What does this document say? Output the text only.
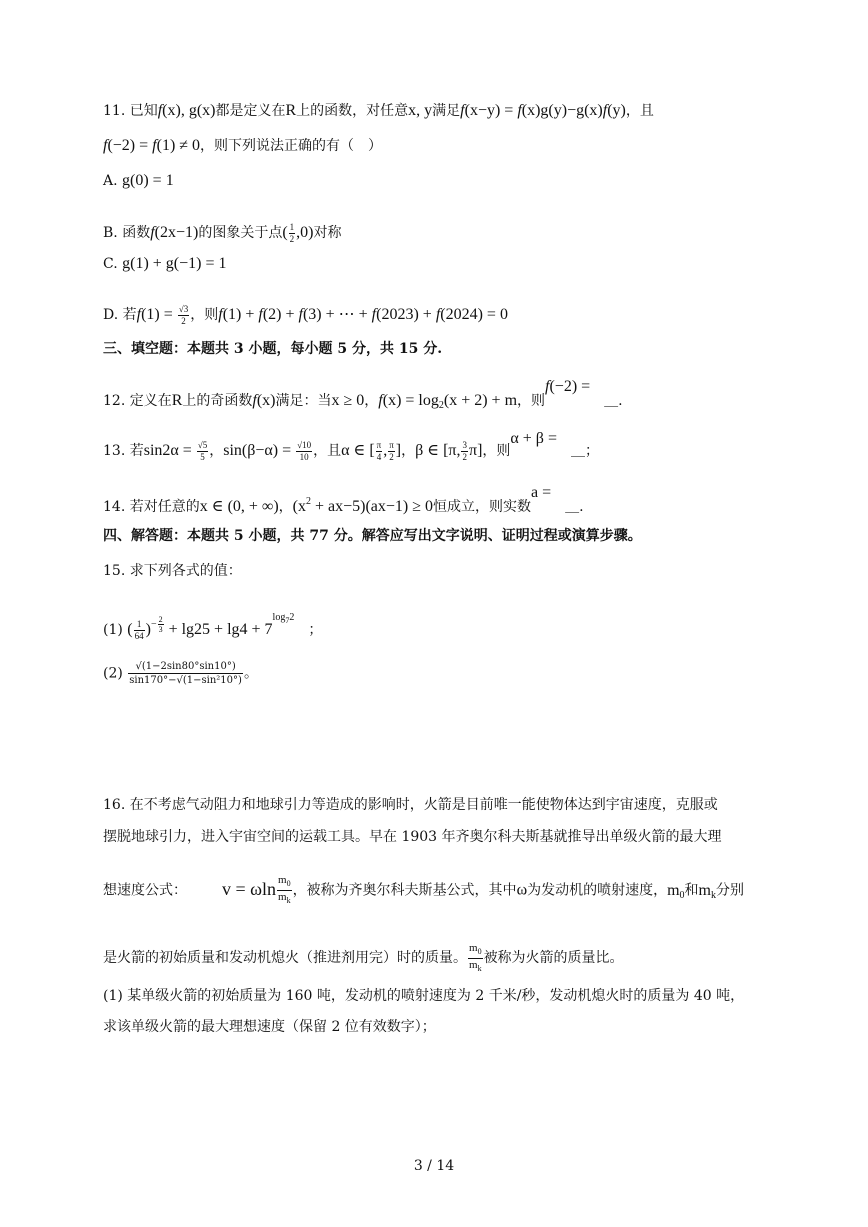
11. 已知f(x), g(x)都是定义在R上的函数，对任意x, y满足f(x−y) = f(x)g(y)−g(x)f(y)，且
f(−2) = f(1) ≠ 0，则下列说法正确的有（　）
A. g(0) = 1
B. 函数f(2x−1)的图象关于点( $\frac{1}{2} ,0$)对称
C. g(1) + g(−1) = 1
D. 若$f(1) = \frac{√3}{2}$ ，则f(1) + f(2) + f(3) + ⋯ + f(2023) + f(2024) = 0
三、填空题：本题共 3 小题，每小题 5 分，共 15 分.
12. 定义在R上的奇函数f(x)满足：当x ≥ 0，$f(x) = \log_2(x + 2) + m$，则f(−2) =　＿.
13. 若$\sin 2\alpha = \frac{√5}{5}$ ，$\sin(\beta-\alpha) = \frac{√10}{10}$ ，且α ∈ [ $\frac{\pi}{4}$ , $\frac{\pi}{2}$ ]，β ∈ [π, $\frac{3}{2} \pi$]，则α + β =　＿；
14. 若对任意的x ∈ (0, + ∞)，$(x^2 + ax-5)(ax-1) \ge 0$恒成立，则实数a =　＿.
四、解答题：本题共 5 小题，共 77 分。解答应写出文字说明、证明过程或演算步骤。
15. 求下列各式的值：
(1) ( $\frac{1}{64} )^{- \frac{2}{3}} + \lg 25 + \lg 4 + 7^{log_72}$　；
$(2) \frac{√(1-2\sin 80^\circ\sin 10^\circ)}{\text{sin170°−√(1−sin²10°)}}$ 。
16. 在不考虑气动阻力和地球引力等造成的影响时，火箭是目前唯一能使物体达到宇宙速度，克服或
摆脱地球引力，进入宇宙空间的运载工具。早在 1903 年齐奥尔科夫斯基就推导出单级火箭的最大理
想速度公式：　　　v = ωln $\frac{m_0}{m_k}$ ，被称为齐奥尔科夫斯基公式，其中ω为发动机的喷射速度，$m_0$和$m_k$分别
是火箭的初始质量和发动机熄火（推进剂用完）时的质量。 $\frac{m_0}{m_k}$ 被称为火箭的质量比。
(1) 某单级火箭的初始质量为 160 吨，发动机的喷射速度为 2 千米/秒，发动机熄火时的质量为 40 吨，
求该单级火箭的最大理想速度（保留 2 位有效数字）；
3 / 14
